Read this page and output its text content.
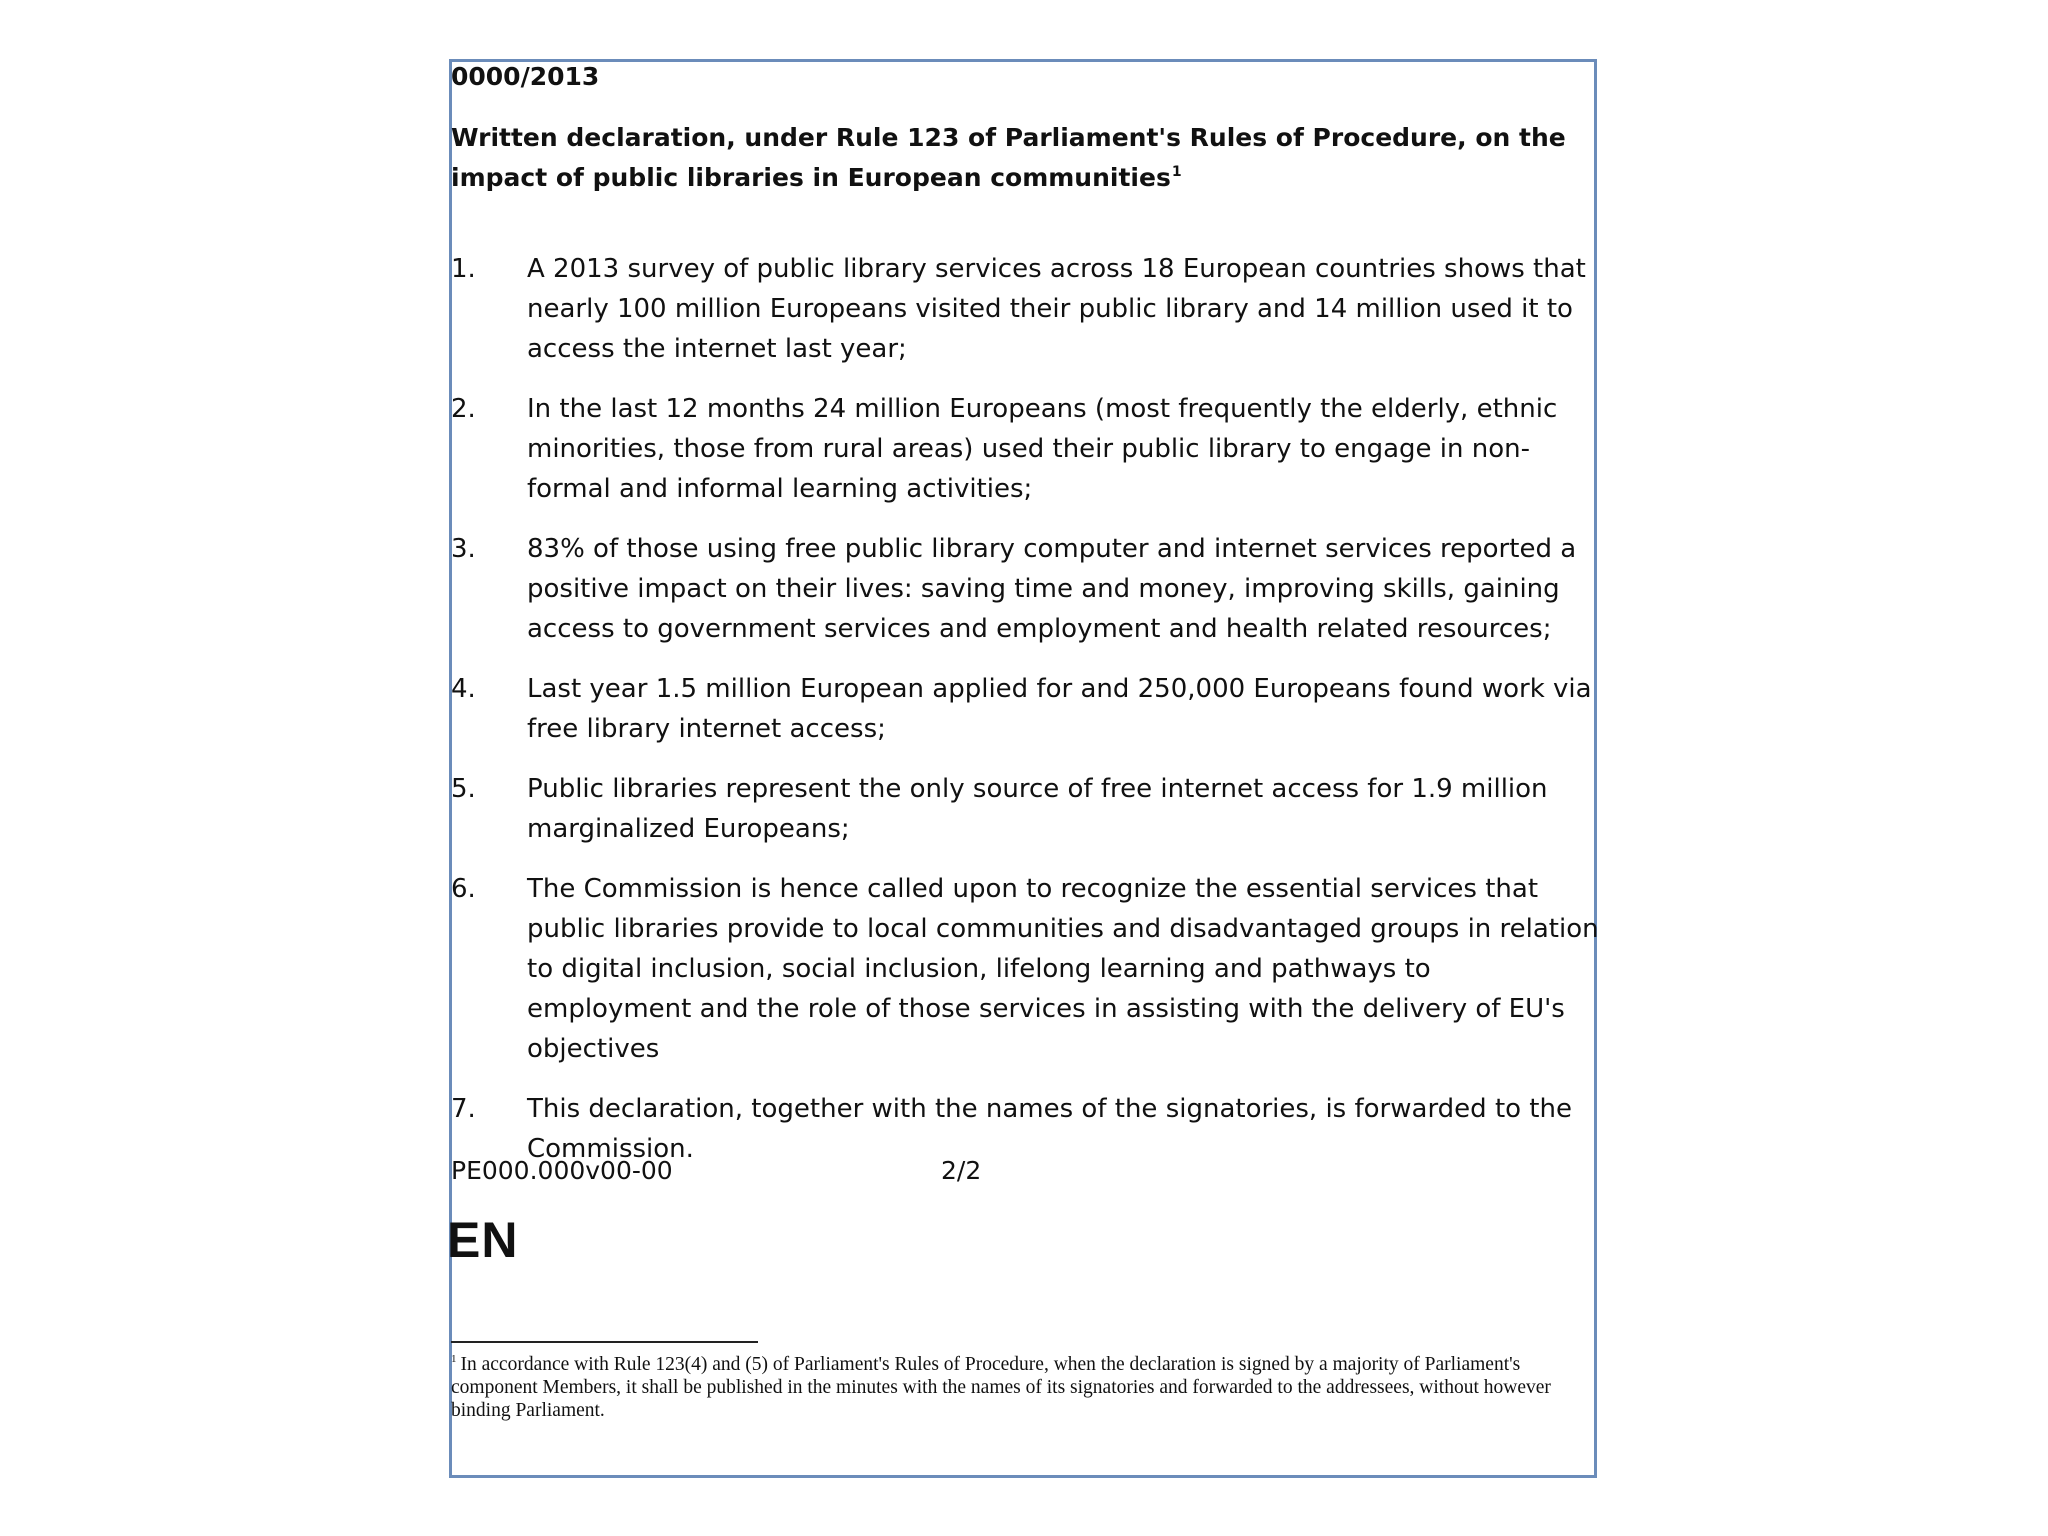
0000/2013
Written declaration, under Rule 123 of Parliament's Rules of Procedure, on the impact of public libraries in European communities$^1$
1. A 2013 survey of public library services across 18 European countries shows that nearly 100 million Europeans visited their public library and 14 million used it to access the internet last year;
2. In the last 12 months 24 million Europeans (most frequently the elderly, ethnic minorities, those from rural areas) used their public library to engage in non-formal and informal learning activities;
3. 83% of those using free public library computer and internet services reported a positive impact on their lives: saving time and money, improving skills, gaining access to government services and employment and health related resources;
4. Last year 1.5 million European applied for and 250,000 Europeans found work via free library internet access;
5. Public libraries represent the only source of free internet access for 1.9 million marginalized Europeans;
6. The Commission is hence called upon to recognize the essential services that public libraries provide to local communities and disadvantaged groups in relation to digital inclusion, social inclusion, lifelong learning and pathways to employment and the role of those services in assisting with the delivery of EU's objectives
7. This declaration, together with the names of the signatories, is forwarded to the Commission.
PE000.000v00-00	2/2
EN
$^1$ In accordance with Rule 123(4) and (5) of Parliament's Rules of Procedure, when the declaration is signed by a majority of Parliament's component Members, it shall be published in the minutes with the names of its signatories and forwarded to the addressees, without however binding Parliament.
